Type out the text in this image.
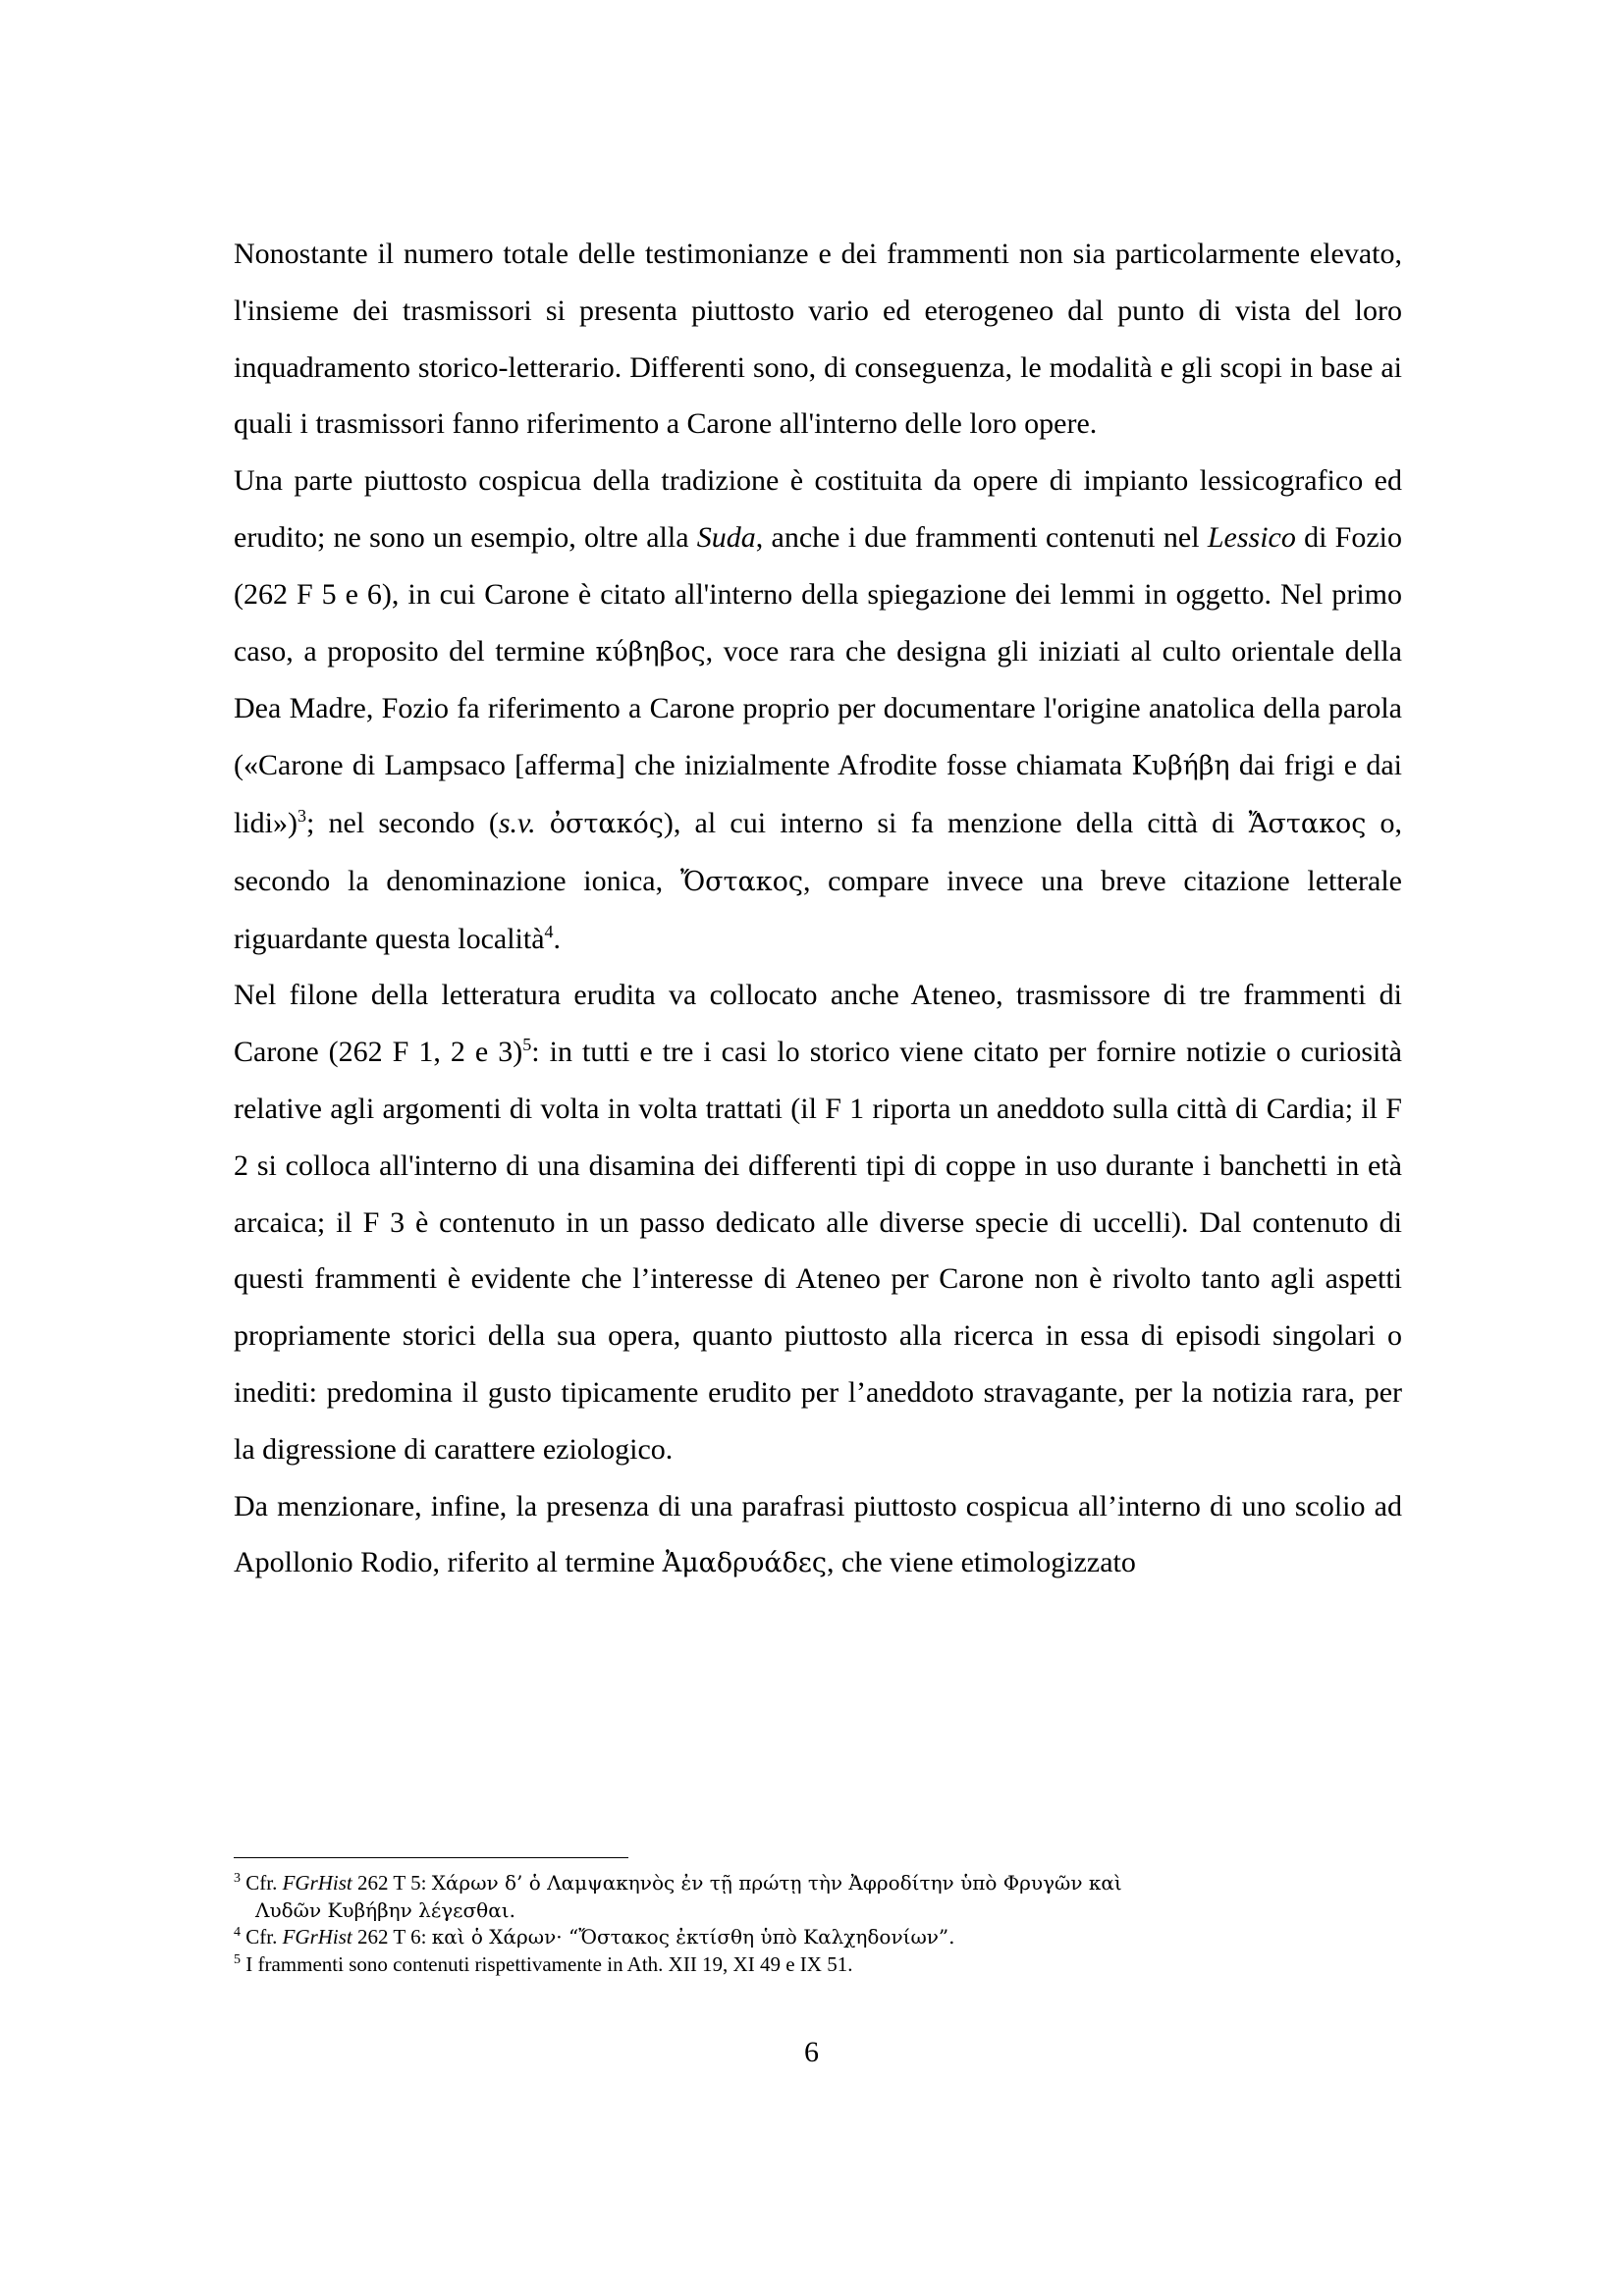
Nonostante il numero totale delle testimonianze e dei frammenti non sia particolarmente elevato, l'insieme dei trasmissori si presenta piuttosto vario ed eterogeneo dal punto di vista del loro inquadramento storico-letterario. Differenti sono, di conseguenza, le modalità e gli scopi in base ai quali i trasmissori fanno riferimento a Carone all'interno delle loro opere.

Una parte piuttosto cospicua della tradizione è costituita da opere di impianto lessicografico ed erudito; ne sono un esempio, oltre alla Suda, anche i due frammenti contenuti nel Lessico di Fozio (262 F 5 e 6), in cui Carone è citato all'interno della spiegazione dei lemmi in oggetto. Nel primo caso, a proposito del termine κύβηβος, voce rara che designa gli iniziati al culto orientale della Dea Madre, Fozio fa riferimento a Carone proprio per documentare l'origine anatolica della parola («Carone di Lampsaco [afferma] che inizialmente Afrodite fosse chiamata Κυβήβη dai frigi e dai lidi»)$^3$; nel secondo (s.v. ὀστακός), al cui interno si fa menzione della città di Ἄστακος o, secondo la denominazione ionica, Ὄστακος, compare invece una breve citazione letterale riguardante questa località$^4$.

Nel filone della letteratura erudita va collocato anche Ateneo, trasmissore di tre frammenti di Carone (262 F 1, 2 e 3)$^5$: in tutti e tre i casi lo storico viene citato per fornire notizie o curiosità relative agli argomenti di volta in volta trattati (il F 1 riporta un aneddoto sulla città di Cardia; il F 2 si colloca all'interno di una disamina dei differenti tipi di coppe in uso durante i banchetti in età arcaica; il F 3 è contenuto in un passo dedicato alle diverse specie di uccelli). Dal contenuto di questi frammenti è evidente che l’interesse di Ateneo per Carone non è rivolto tanto agli aspetti propriamente storici della sua opera, quanto piuttosto alla ricerca in essa di episodi singolari o inediti: predomina il gusto tipicamente erudito per l’aneddoto stravagante, per la notizia rara, per la digressione di carattere eziologico.

Da menzionare, infine, la presenza di una parafrasi piuttosto cospicua all’interno di uno scolio ad Apollonio Rodio, riferito al termine Ἀμαδρυάδες, che viene etimologizzato

$^3$ Cfr. FGrHist 262 T 5: Χάρων δ’ ὁ Λαμψακηνὸς ἐν τῇ πρώτῃ τὴν Ἀφροδίτην ὑπὸ Φρυγῶν καὶ
Λυδῶν Κυβήβην λέγεσθαι.

$^4$ Cfr. FGrHist 262 T 6: καὶ ὁ Χάρων· “Ὄστακος ἐκτίσθη ὑπὸ Καλχηδονίων”.

$^5$ I frammenti sono contenuti rispettivamente in Ath. XII 19, XI 49 e IX 51.

6
